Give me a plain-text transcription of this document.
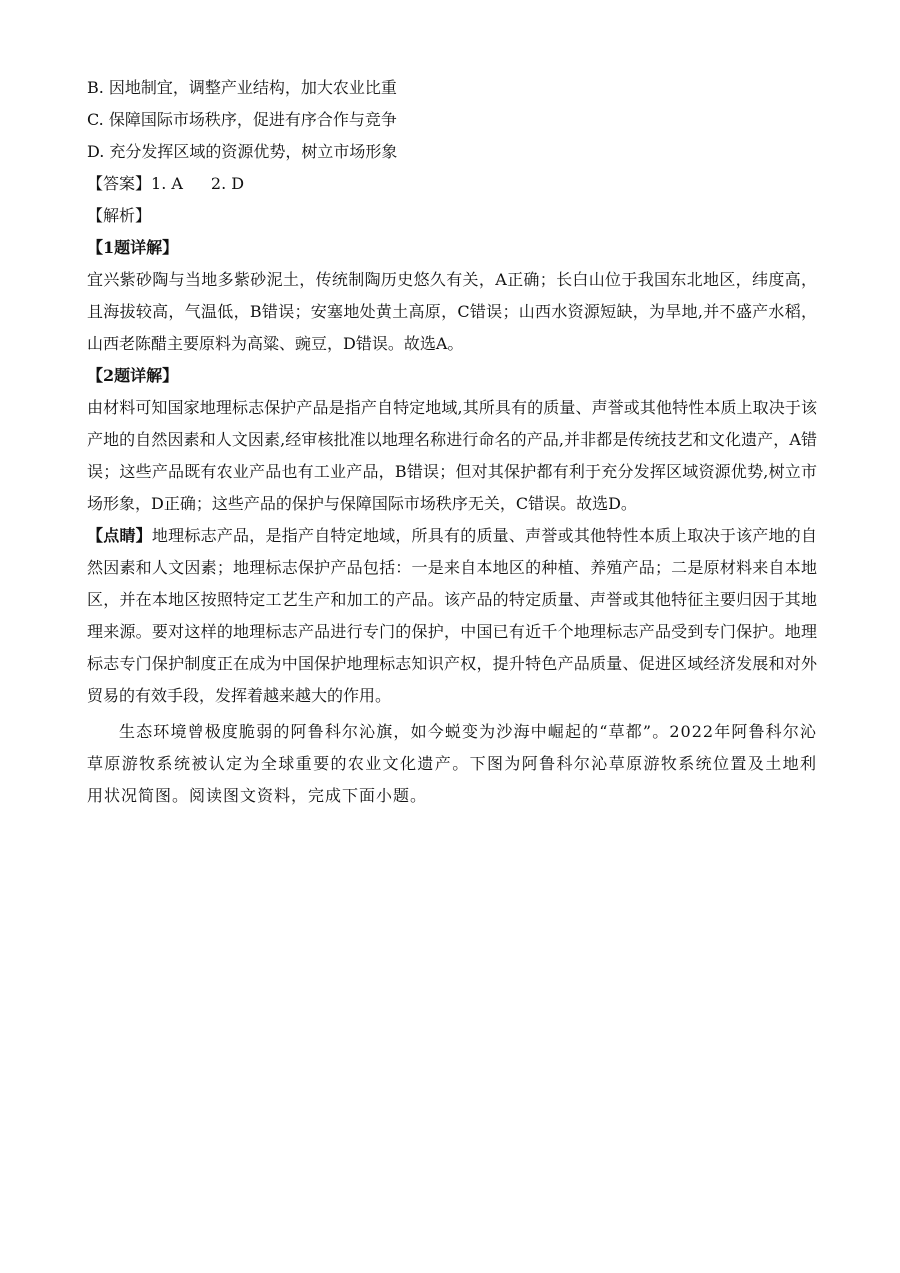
B. 因地制宜，调整产业结构，加大农业比重

C. 保障国际市场秩序，促进有序合作与竞争

D. 充分发挥区域的资源优势，树立市场形象

【答案】1. A 2. D

【解析】

【1题详解】

宜兴紫砂陶与当地多紫砂泥土，传统制陶历史悠久有关，A正确；长白山位于我国东北地区，纬度高，且海拔较高，气温低，B错误；安塞地处黄土高原，C错误；山西水资源短缺，为旱地,并不盛产水稻，山西老陈醋主要原料为高粱、豌豆，D错误。故选A。

【2题详解】

由材料可知国家地理标志保护产品是指产自特定地域,其所具有的质量、声誉或其他特性本质上取决于该产地的自然因素和人文因素,经审核批准以地理名称进行命名的产品,并非都是传统技艺和文化遗产，A错误；这些产品既有农业产品也有工业产品，B错误；但对其保护都有利于充分发挥区域资源优势,树立市场形象，D正确；这些产品的保护与保障国际市场秩序无关，C错误。故选D。

【点睛】地理标志产品，是指产自特定地域，所具有的质量、声誉或其他特性本质上取决于该产地的自然因素和人文因素；地理标志保护产品包括：一是来自本地区的种植、养殖产品；二是原材料来自本地区，并在本地区按照特定工艺生产和加工的产品。该产品的特定质量、声誉或其他特征主要归因于其地理来源。要对这样的地理标志产品进行专门的保护，中国已有近千个地理标志产品受到专门保护。地理标志专门保护制度正在成为中国保护地理标志知识产权，提升特色产品质量、促进区域经济发展和对外贸易的有效手段，发挥着越来越大的作用。

生态环境曾极度脆弱的阿鲁科尔沁旗，如今蜕变为沙海中崛起的“草都”。2022年阿鲁科尔沁草原游牧系统被认定为全球重要的农业文化遗产。下图为阿鲁科尔沁草原游牧系统位置及土地利用状况简图。阅读图文资料，完成下面小题。
